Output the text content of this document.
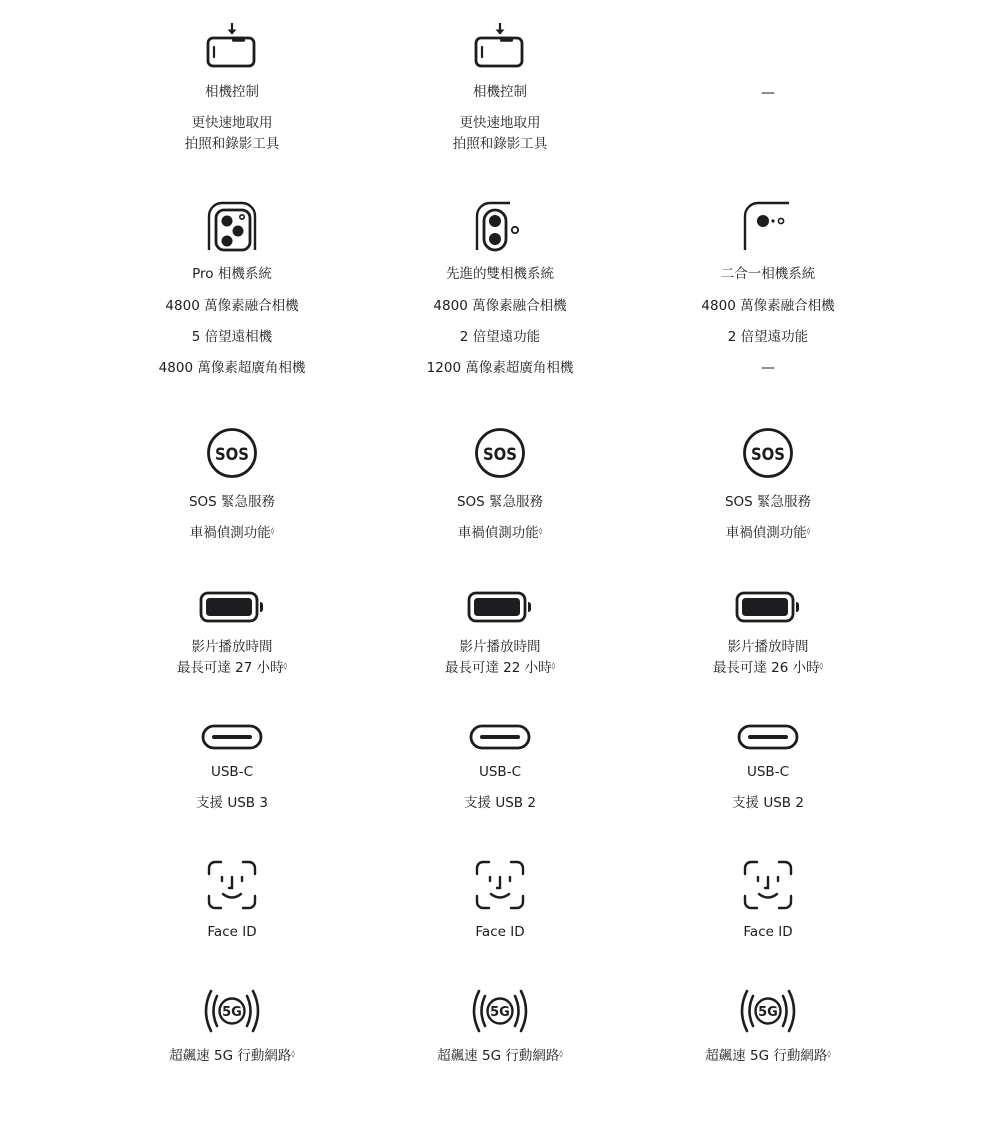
相機控制
更快速地取用
拍照和錄影工具
Pro 相機系統
4800 萬像素融合相機
5 倍望遠相機
4800 萬像素超廣角相機
SOS
SOS 緊急服務
車禍偵測功能◊
影片播放時間
最長可達 27 小時◊
USB-C
支援 USB 3
Face ID
5G
超飆速 5G 行動網路◊
相機控制
更快速地取用
拍照和錄影工具
先進的雙相機系統
4800 萬像素融合相機
2 倍望遠功能
1200 萬像素超廣角相機
SOS
SOS 緊急服務
車禍偵測功能◊
影片播放時間
最長可達 22 小時◊
USB-C
支援 USB 2
Face ID
5G
超飆速 5G 行動網路◊
—
二合一相機系統
4800 萬像素融合相機
2 倍望遠功能
—
SOS
SOS 緊急服務
車禍偵測功能◊
影片播放時間
最長可達 26 小時◊
USB-C
支援 USB 2
Face ID
5G
超飆速 5G 行動網路◊
